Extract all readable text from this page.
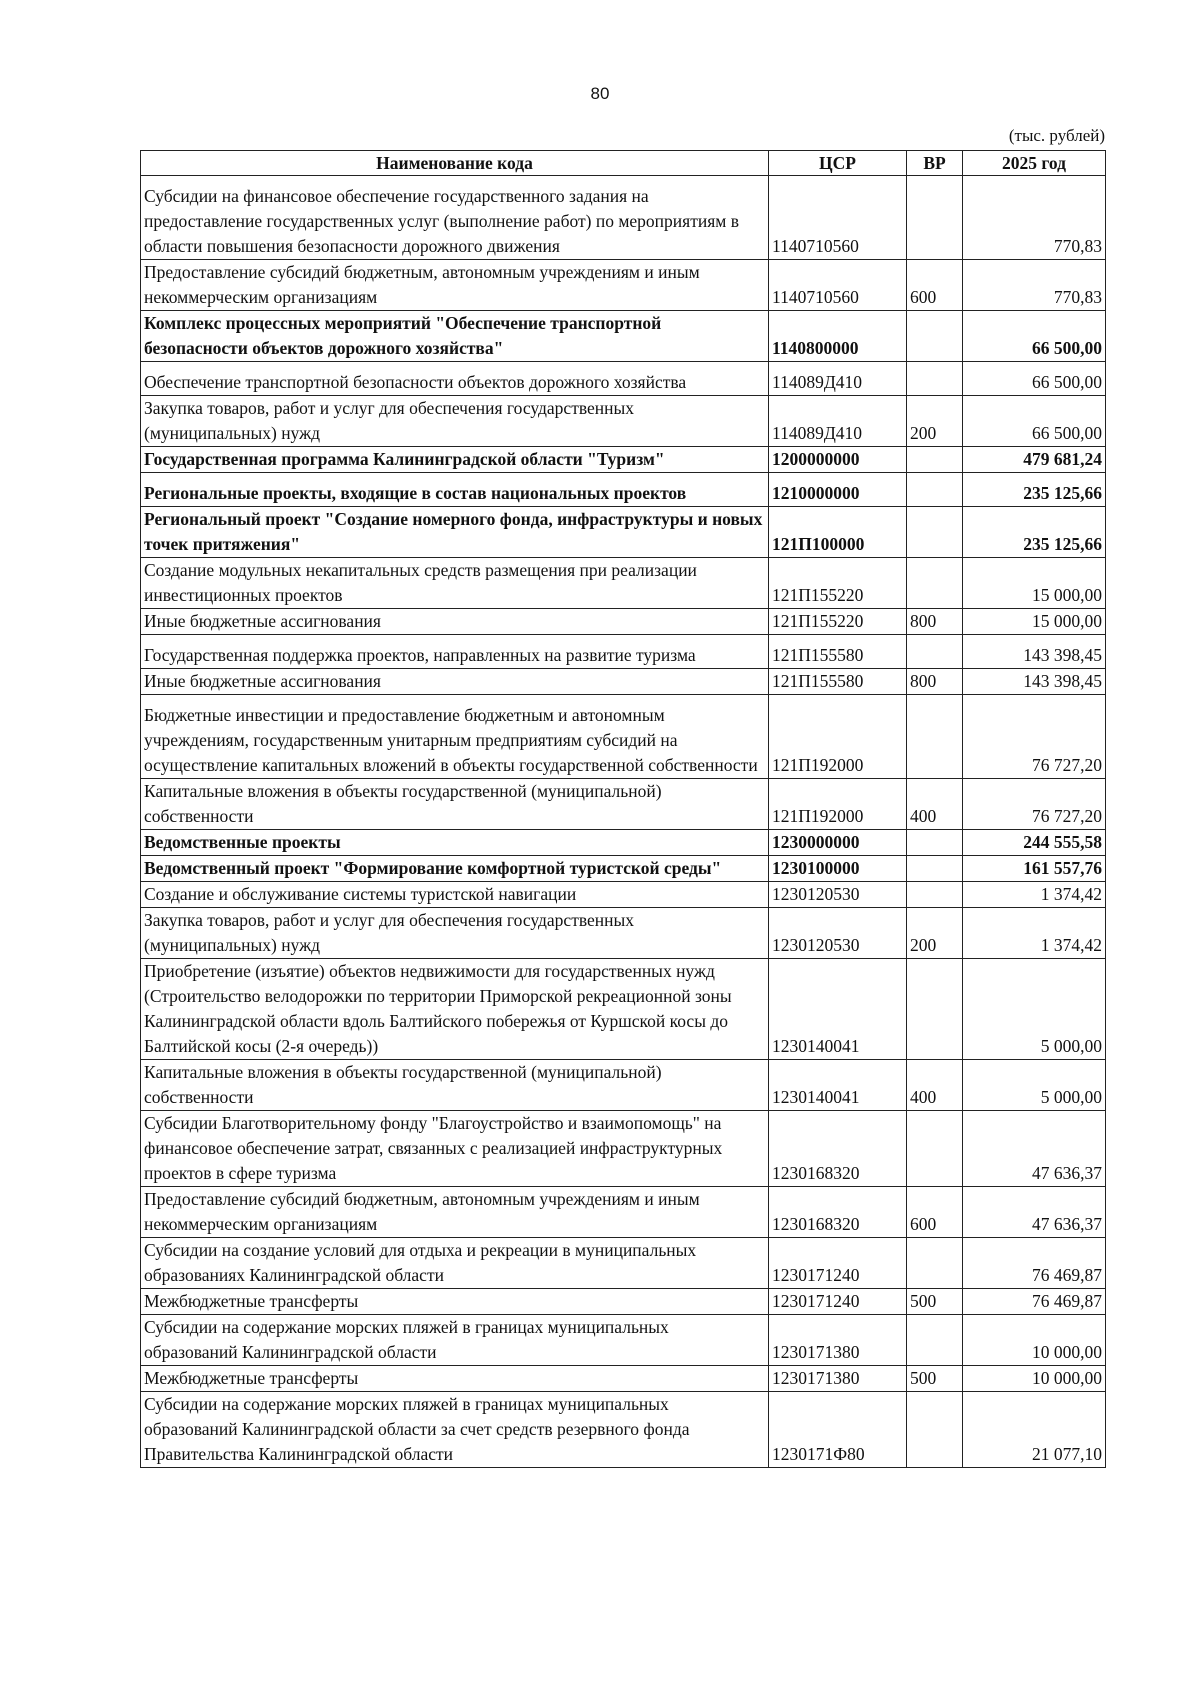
80
(тыс. рублей)
Наименование кода	ЦСР	ВР	2025 год
Субсидии на финансовое обеспечение государственного задания на предоставление государственных услуг (выполнение работ) по мероприятиям в области повышения безопасности дорожного движения	1140710560		770,83
Предоставление субсидий бюджетным, автономным учреждениям и иным некоммерческим организациям	1140710560	600	770,83
Комплекс процессных мероприятий "Обеспечение транспортной безопасности объектов дорожного хозяйства"	1140800000		66 500,00
Обеспечение транспортной безопасности объектов дорожного хозяйства	114089Д410		66 500,00
Закупка товаров, работ и услуг для обеспечения государственных (муниципальных) нужд	114089Д410	200	66 500,00
Государственная программа Калининградской области "Туризм"	1200000000		479 681,24
Региональные проекты, входящие в состав национальных проектов	1210000000		235 125,66
Региональный проект "Создание номерного фонда, инфраструктуры и новых точек притяжения"	121П100000		235 125,66
Создание модульных некапитальных средств размещения при реализации инвестиционных проектов	121П155220		15 000,00
Иные бюджетные ассигнования	121П155220	800	15 000,00
Государственная поддержка проектов, направленных на развитие туризма	121П155580		143 398,45
Иные бюджетные ассигнования	121П155580	800	143 398,45
Бюджетные инвестиции и предоставление бюджетным и автономным учреждениям, государственным унитарным предприятиям субсидий на осуществление капитальных вложений в объекты государственной собственности	121П192000		76 727,20
Капитальные вложения в объекты государственной (муниципальной) собственности	121П192000	400	76 727,20
Ведомственные проекты	1230000000		244 555,58
Ведомственный проект "Формирование комфортной туристской среды"	1230100000		161 557,76
Создание и обслуживание системы туристской навигации	1230120530		1 374,42
Закупка товаров, работ и услуг для обеспечения государственных (муниципальных) нужд	1230120530	200	1 374,42
Приобретение (изъятие) объектов недвижимости для государственных нужд (Строительство велодорожки по территории Приморской рекреационной зоны Калининградской области вдоль Балтийского побережья от Куршской косы до Балтийской косы (2-я очередь))	1230140041		5 000,00
Капитальные вложения в объекты государственной (муниципальной) собственности	1230140041	400	5 000,00
Субсидии Благотворительному фонду "Благоустройство и взаимопомощь" на финансовое обеспечение затрат, связанных с реализацией инфраструктурных проектов в сфере туризма	1230168320		47 636,37
Предоставление субсидий бюджетным, автономным учреждениям и иным некоммерческим организациям	1230168320	600	47 636,37
Субсидии на создание условий для отдыха и рекреации в муниципальных образованиях Калининградской области	1230171240		76 469,87
Межбюджетные трансферты	1230171240	500	76 469,87
Субсидии на содержание морских пляжей в границах муниципальных образований Калининградской области	1230171380		10 000,00
Межбюджетные трансферты	1230171380	500	10 000,00
Субсидии на содержание морских пляжей в границах муниципальных образований Калининградской области за счет средств резервного фонда Правительства Калининградской области	1230171Ф80		21 077,10
